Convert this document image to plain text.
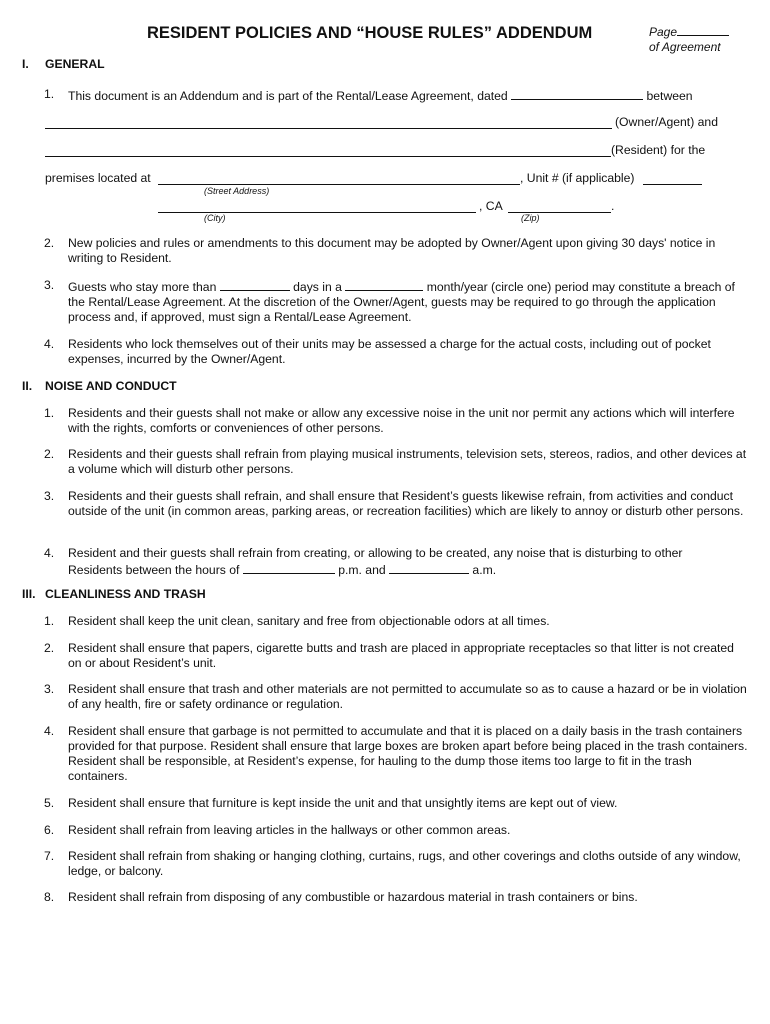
RESIDENT POLICIES AND “HOUSE RULES” ADDENDUM	Page
of Agreement
I. GENERAL
1. This document is an Addendum and is part of the Rental/Lease Agreement, dated	between
(Owner/Agent) and
(Resident) for the
premises located at	, Unit # (if applicable)
(Street Address)
, CA	.
(City)	(Zip)
2. New policies and rules or amendments to this document may be adopted by Owner/Agent upon giving 30 days' notice in writing to Resident.
3. Guests who stay more than	days in a	month/year (circle one) period may constitute a breach of the Rental/Lease Agreement. At the discretion of the Owner/Agent, guests may be required to go through the application process and, if approved, must sign a Rental/Lease Agreement.
4. Residents who lock themselves out of their units may be assessed a charge for the actual costs, including out of pocket expenses, incurred by the Owner/Agent.
II. NOISE AND CONDUCT
1. Residents and their guests shall not make or allow any excessive noise in the unit nor permit any actions which will interfere with the rights, comforts or conveniences of other persons.
2. Residents and their guests shall refrain from playing musical instruments, television sets, stereos, radios, and other devices at a volume which will disturb other persons.
3. Residents and their guests shall refrain, and shall ensure that Resident’s guests likewise refrain, from activities and conduct outside of the unit (in common areas, parking areas, or recreation facilities) which are likely to annoy or disturb other persons.
4. Resident and their guests shall refrain from creating, or allowing to be created, any noise that is disturbing to other
Residents between the hours of	p.m. and	a.m.
III. CLEANLINESS AND TRASH
1. Resident shall keep the unit clean, sanitary and free from objectionable odors at all times.
2. Resident shall ensure that papers, cigarette butts and trash are placed in appropriate receptacles so that litter is not created on or about Resident’s unit.
3. Resident shall ensure that trash and other materials are not permitted to accumulate so as to cause a hazard or be in violation of any health, fire or safety ordinance or regulation.
4. Resident shall ensure that garbage is not permitted to accumulate and that it is placed on a daily basis in the trash containers provided for that purpose. Resident shall ensure that large boxes are broken apart before being placed in the trash containers. Resident shall be responsible, at Resident’s expense, for hauling to the dump those items too large to fit in the trash containers.
5. Resident shall ensure that furniture is kept inside the unit and that unsightly items are kept out of view.
6. Resident shall refrain from leaving articles in the hallways or other common areas.
7. Resident shall refrain from shaking or hanging clothing, curtains, rugs, and other coverings and cloths outside of any window, ledge, or balcony.
8. Resident shall refrain from disposing of any combustible or hazardous material in trash containers or bins.
